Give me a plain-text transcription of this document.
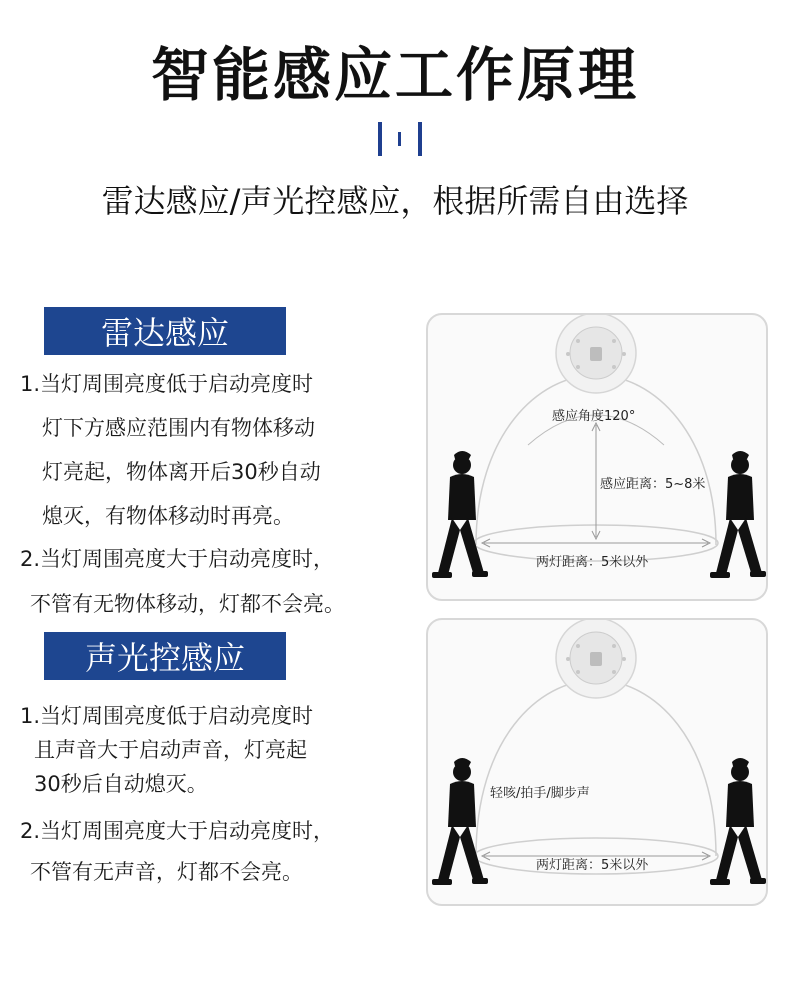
智能感应工作原理
雷达感应/声光控感应，根据所需自由选择
雷达感应
1.当灯周围亮度低于启动亮度时
灯下方感应范围内有物体移动
灯亮起，物体离开后30秒自动
熄灭，有物体移动时再亮。
2.当灯周围亮度大于启动亮度时，
不管有无物体移动，灯都不会亮。
感应角度120°
感应距离：5~8米
两灯距离：5米以外
声光控感应
1.当灯周围亮度低于启动亮度时
且声音大于启动声音，灯亮起
30秒后自动熄灭。
2.当灯周围亮度大于启动亮度时，
不管有无声音，灯都不会亮。
轻咳/拍手/脚步声
两灯距离：5米以外
